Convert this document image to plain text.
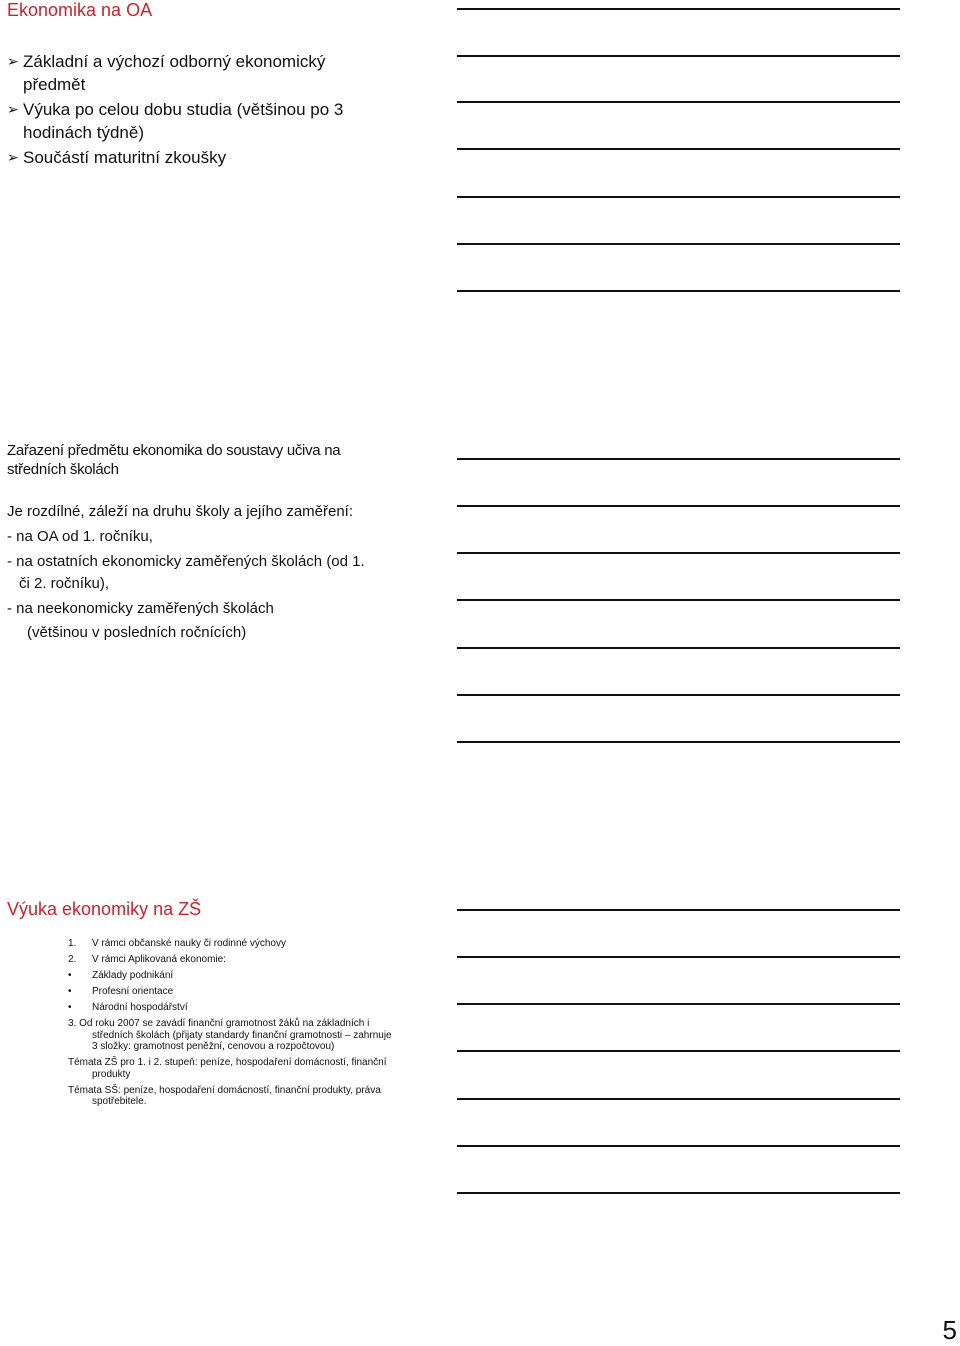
Ekonomika na OA
➢ Základní a výchozí odborný ekonomický předmět
➢ Výuka po celou dobu studia (většinou po 3 hodinách týdně)
➢ Součástí maturitní zkoušky
Zařazení předmětu ekonomika do soustavy učiva na středních školách

Je rozdílné, záleží na druhu školy a jejího zaměření:

- na OA od 1. ročníku,

- na ostatních ekonomicky zaměřených školách (od 1.

či 2. ročníku),

- na neekonomicky zaměřených školách

(většinou v posledních ročnících)

Výuka ekonomiky na ZŠ
1. V rámci občanské nauky či rodinné výchovy
2. V rámci Aplikovaná ekonomie:
• Základy podnikání
• Profesní orientace
• Národní hospodářství
3. Od roku 2007 se zavádí finanční gramotnost žáků na základních i středních školách (přijaty standardy finanční gramotnosti – zahrnuje 3 složky: gramotnost peněžní, cenovou a rozpočtovou)
Témata ZŠ pro 1. i 2. stupeň: peníze, hospodaření domácností, finanční produkty
Témata SŠ: peníze, hospodaření domácností, finanční produkty, práva spotřebitele.
5
